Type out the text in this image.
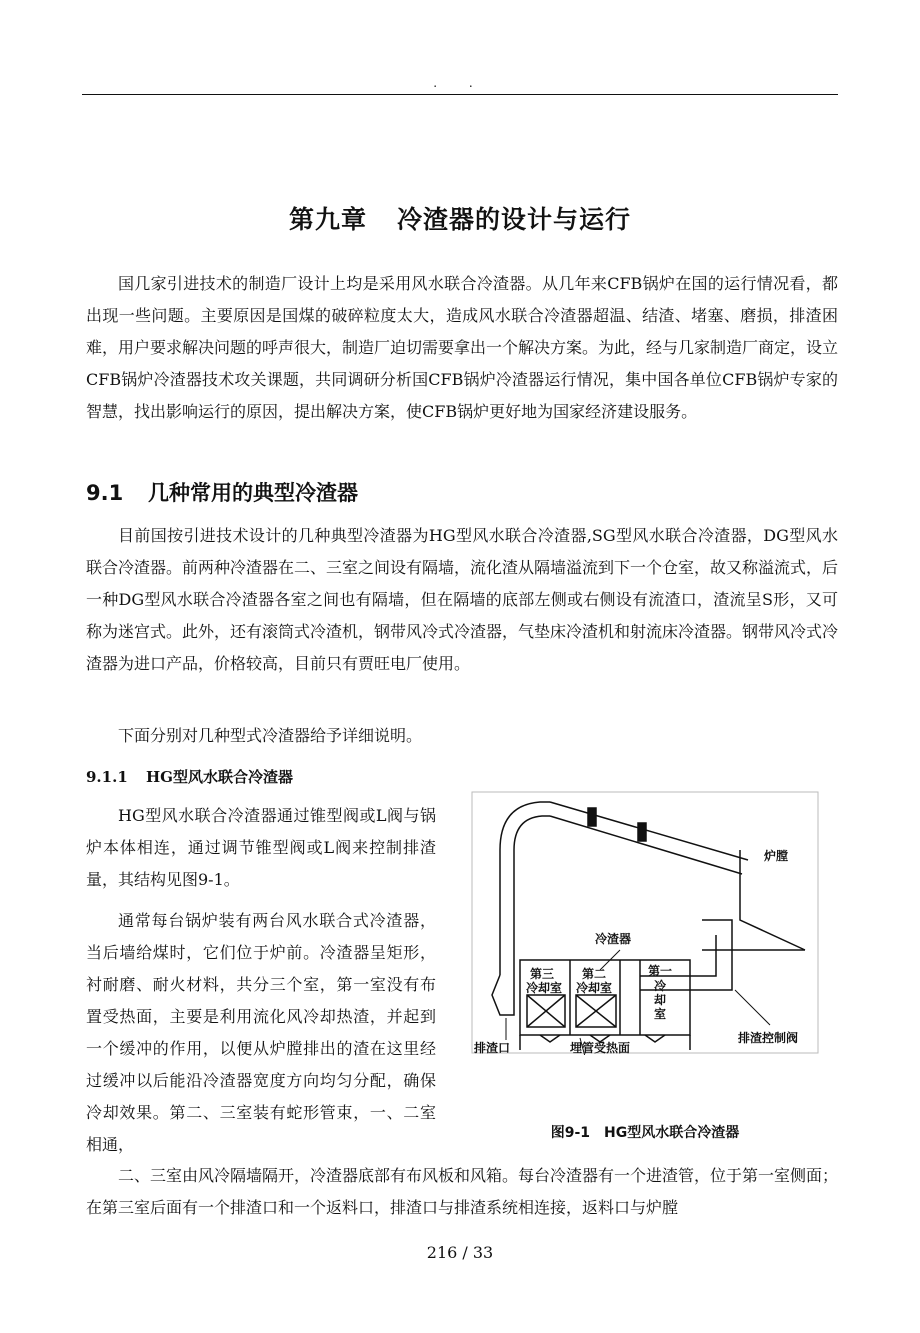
. .
第九章 冷渣器的设计与运行

国几家引进技术的制造厂设计上均是采用风水联合冷渣器。从几年来CFB锅炉在国的运行情况看，都出现一些问题。主要原因是国煤的破碎粒度太大，造成风水联合冷渣器超温、结渣、堵塞、磨损，排渣困难，用户要求解决问题的呼声很大，制造厂迫切需要拿出一个解决方案。为此，经与几家制造厂商定，设立CFB锅炉冷渣器技术攻关课题，共同调研分析国CFB锅炉冷渣器运行情况，集中国各单位CFB锅炉专家的智慧，找出影响运行的原因，提出解决方案，使CFB锅炉更好地为国家经济建设服务。

9.1 几种常用的典型冷渣器

目前国按引进技术设计的几种典型冷渣器为HG型风水联合冷渣器,SG型风水联合冷渣器，DG型风水联合冷渣器。前两种冷渣器在二、三室之间设有隔墙，流化渣从隔墙溢流到下一个仓室，故又称溢流式，后一种DG型风水联合冷渣器各室之间也有隔墙，但在隔墙的底部左侧或右侧设有流渣口，渣流呈S形，又可称为迷宫式。此外，还有滚筒式冷渣机，钢带风冷式冷渣器，气垫床冷渣机和射流床冷渣器。钢带风冷式冷渣器为进口产品，价格较高，目前只有贾旺电厂使用。

下面分别对几种型式冷渣器给予详细说明。

9.1.1 HG型风水联合冷渣器

HG型风水联合冷渣器通过锥型阀或L阀与锅炉本体相连，通过调节锥型阀或L阀来控制排渣量，其结构见图9-1。

通常每台锅炉装有两台风水联合式冷渣器，当后墙给煤时，它们位于炉前。冷渣器呈矩形，衬耐磨、耐火材料，共分三个室，第一室没有布置受热面，主要是利用流化风冷却热渣，并起到一个缓冲的作用，以便从炉膛排出的渣在这里经过缓冲以后能沿冷渣器宽度方向均匀分配，确保冷却效果。第二、三室装有蛇形管束，一、二室相通，

二、三室由风冷隔墙隔开，冷渣器底部有布风板和风箱。每台冷渣器有一个进渣管，位于第一室侧面；在第三室后面有一个排渣口和一个返料口，排渣口与排渣系统相连接，返料口与炉膛

炉膛
冷渣器
第三
冷却室
第二
冷却室
第一
冷
却
室
排渣口
排渣控制阀
埋管受热面
图9-1 HG型风水联合冷渣器
216 / 33
